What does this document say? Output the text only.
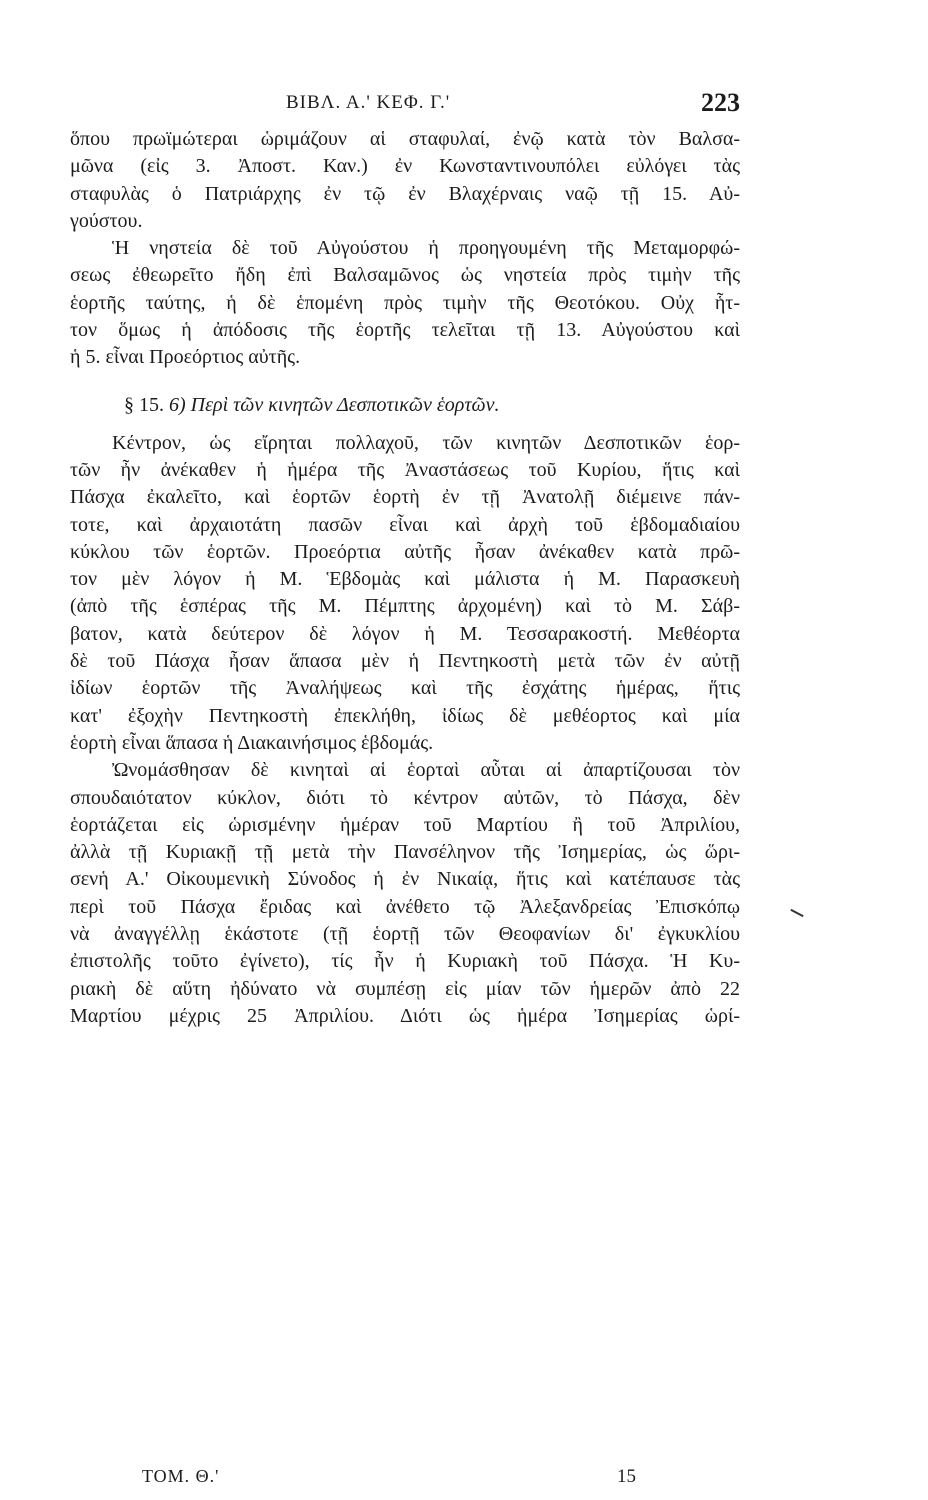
ΒΙΒΛ. Α.' ΚΕΦ. Γ.'	223
ὅπου πρωϊμώτεραι ὡριμάζουν αἱ σταφυλαί, ἐνῷ κατὰ τὸν Βαλσα-
μῶνα (εἰς 3. Ἀποστ. Καν.) ἐν Κωνσταντινουπόλει εὐλόγει τὰς
σταφυλὰς ὁ Πατριάρχης ἐν τῷ ἐν Βλαχέρναις ναῷ τῇ 15. Αὐ-
γούστου.
Ἡ νηστεία δὲ τοῦ Αὐγούστου ἡ προηγουμένη τῆς Μεταμορφώ-
σεως ἐθεωρεῖτο ἤδη ἐπὶ Βαλσαμῶνος ὡς νηστεία πρὸς τιμὴν τῆς
ἑορτῆς ταύτης, ἡ δὲ ἑπομένη πρὸς τιμὴν τῆς Θεοτόκου. Οὐχ ἧτ-
τον ὅμως ἡ ἀπόδοσις τῆς ἑορτῆς τελεῖται τῇ 13. Αὐγούστου καὶ
ἡ 5. εἶναι Προεόρτιος αὐτῆς.
§ 15. 6) Περὶ τῶν κινητῶν Δεσποτικῶν ἑορτῶν.
Κέντρον, ὡς εἴρηται πολλαχοῦ, τῶν κινητῶν Δεσποτικῶν ἑορ-
τῶν ἦν ἀνέκαθεν ἡ ἡμέρα τῆς Ἀναστάσεως τοῦ Κυρίου, ἥτις καὶ
Πάσχα ἐκαλεῖτο, καὶ ἑορτῶν ἑορτὴ ἐν τῇ Ἀνατολῇ διέμεινε πάν-
τοτε, καὶ ἀρχαιοτάτη πασῶν εἶναι καὶ ἀρχὴ τοῦ ἑβδομαδιαίου
κύκλου τῶν ἑορτῶν. Προεόρτια αὐτῆς ἦσαν ἀνέκαθεν κατὰ πρῶ-
τον μὲν λόγον ἡ Μ. Ἑβδομὰς καὶ μάλιστα ἡ Μ. Παρασκευὴ
(ἀπὸ τῆς ἑσπέρας τῆς Μ. Πέμπτης ἀρχομένη) καὶ τὸ Μ. Σάβ-
βατον, κατὰ δεύτερον δὲ λόγον ἡ Μ. Τεσσαρακοστή. Μεθέορτα
δὲ τοῦ Πάσχα ἦσαν ἅπασα μὲν ἡ Πεντηκοστὴ μετὰ τῶν ἐν αὐτῇ
ἰδίων ἑορτῶν τῆς Ἀναλήψεως καὶ τῆς ἐσχάτης ἡμέρας, ἥτις
κατ' ἐξοχὴν Πεντηκοστὴ ἐπεκλήθη, ἰδίως δὲ μεθέορτος καὶ μία
ἑορτὴ εἶναι ἅπασα ἡ Διακαινήσιμος ἑβδομάς.
Ὠνομάσθησαν δὲ κινηταὶ αἱ ἑορταὶ αὗται αἱ ἀπαρτίζουσαι τὸν
σπουδαιότατον κύκλον, διότι τὸ κέντρον αὐτῶν, τὸ Πάσχα, δὲν
ἑορτάζεται εἰς ὡρισμένην ἡμέραν τοῦ Μαρτίου ἢ τοῦ Ἀπριλίου,
ἀλλὰ τῇ Κυριακῇ τῇ μετὰ τὴν Πανσέληνον τῆς Ἰσημερίας, ὡς ὥρι-
σενἡ Α.' Οἰκουμενικὴ Σύνοδος ἡ ἐν Νικαίᾳ, ἥτις καὶ κατέπαυσε τὰς
περὶ τοῦ Πάσχα ἔριδας καὶ ἀνέθετο τῷ Ἀλεξανδρείας Ἐπισκόπῳ
νὰ ἀναγγέλλῃ ἑκάστοτε (τῇ ἑορτῇ τῶν Θεοφανίων δι' ἐγκυκλίου
ἐπιστολῆς τοῦτο ἐγίνετο), τίς ἦν ἡ Κυριακὴ τοῦ Πάσχα. Ἡ Κυ-
ριακὴ δὲ αὕτη ἠδύνατο νὰ συμπέσῃ εἰς μίαν τῶν ἡμερῶν ἀπὸ 22
Μαρτίου μέχρις 25 Ἀπριλίου. Διότι ὡς ἡμέρα Ἰσημερίας ὡρί-
ΤΟΜ. Θ.'	15
